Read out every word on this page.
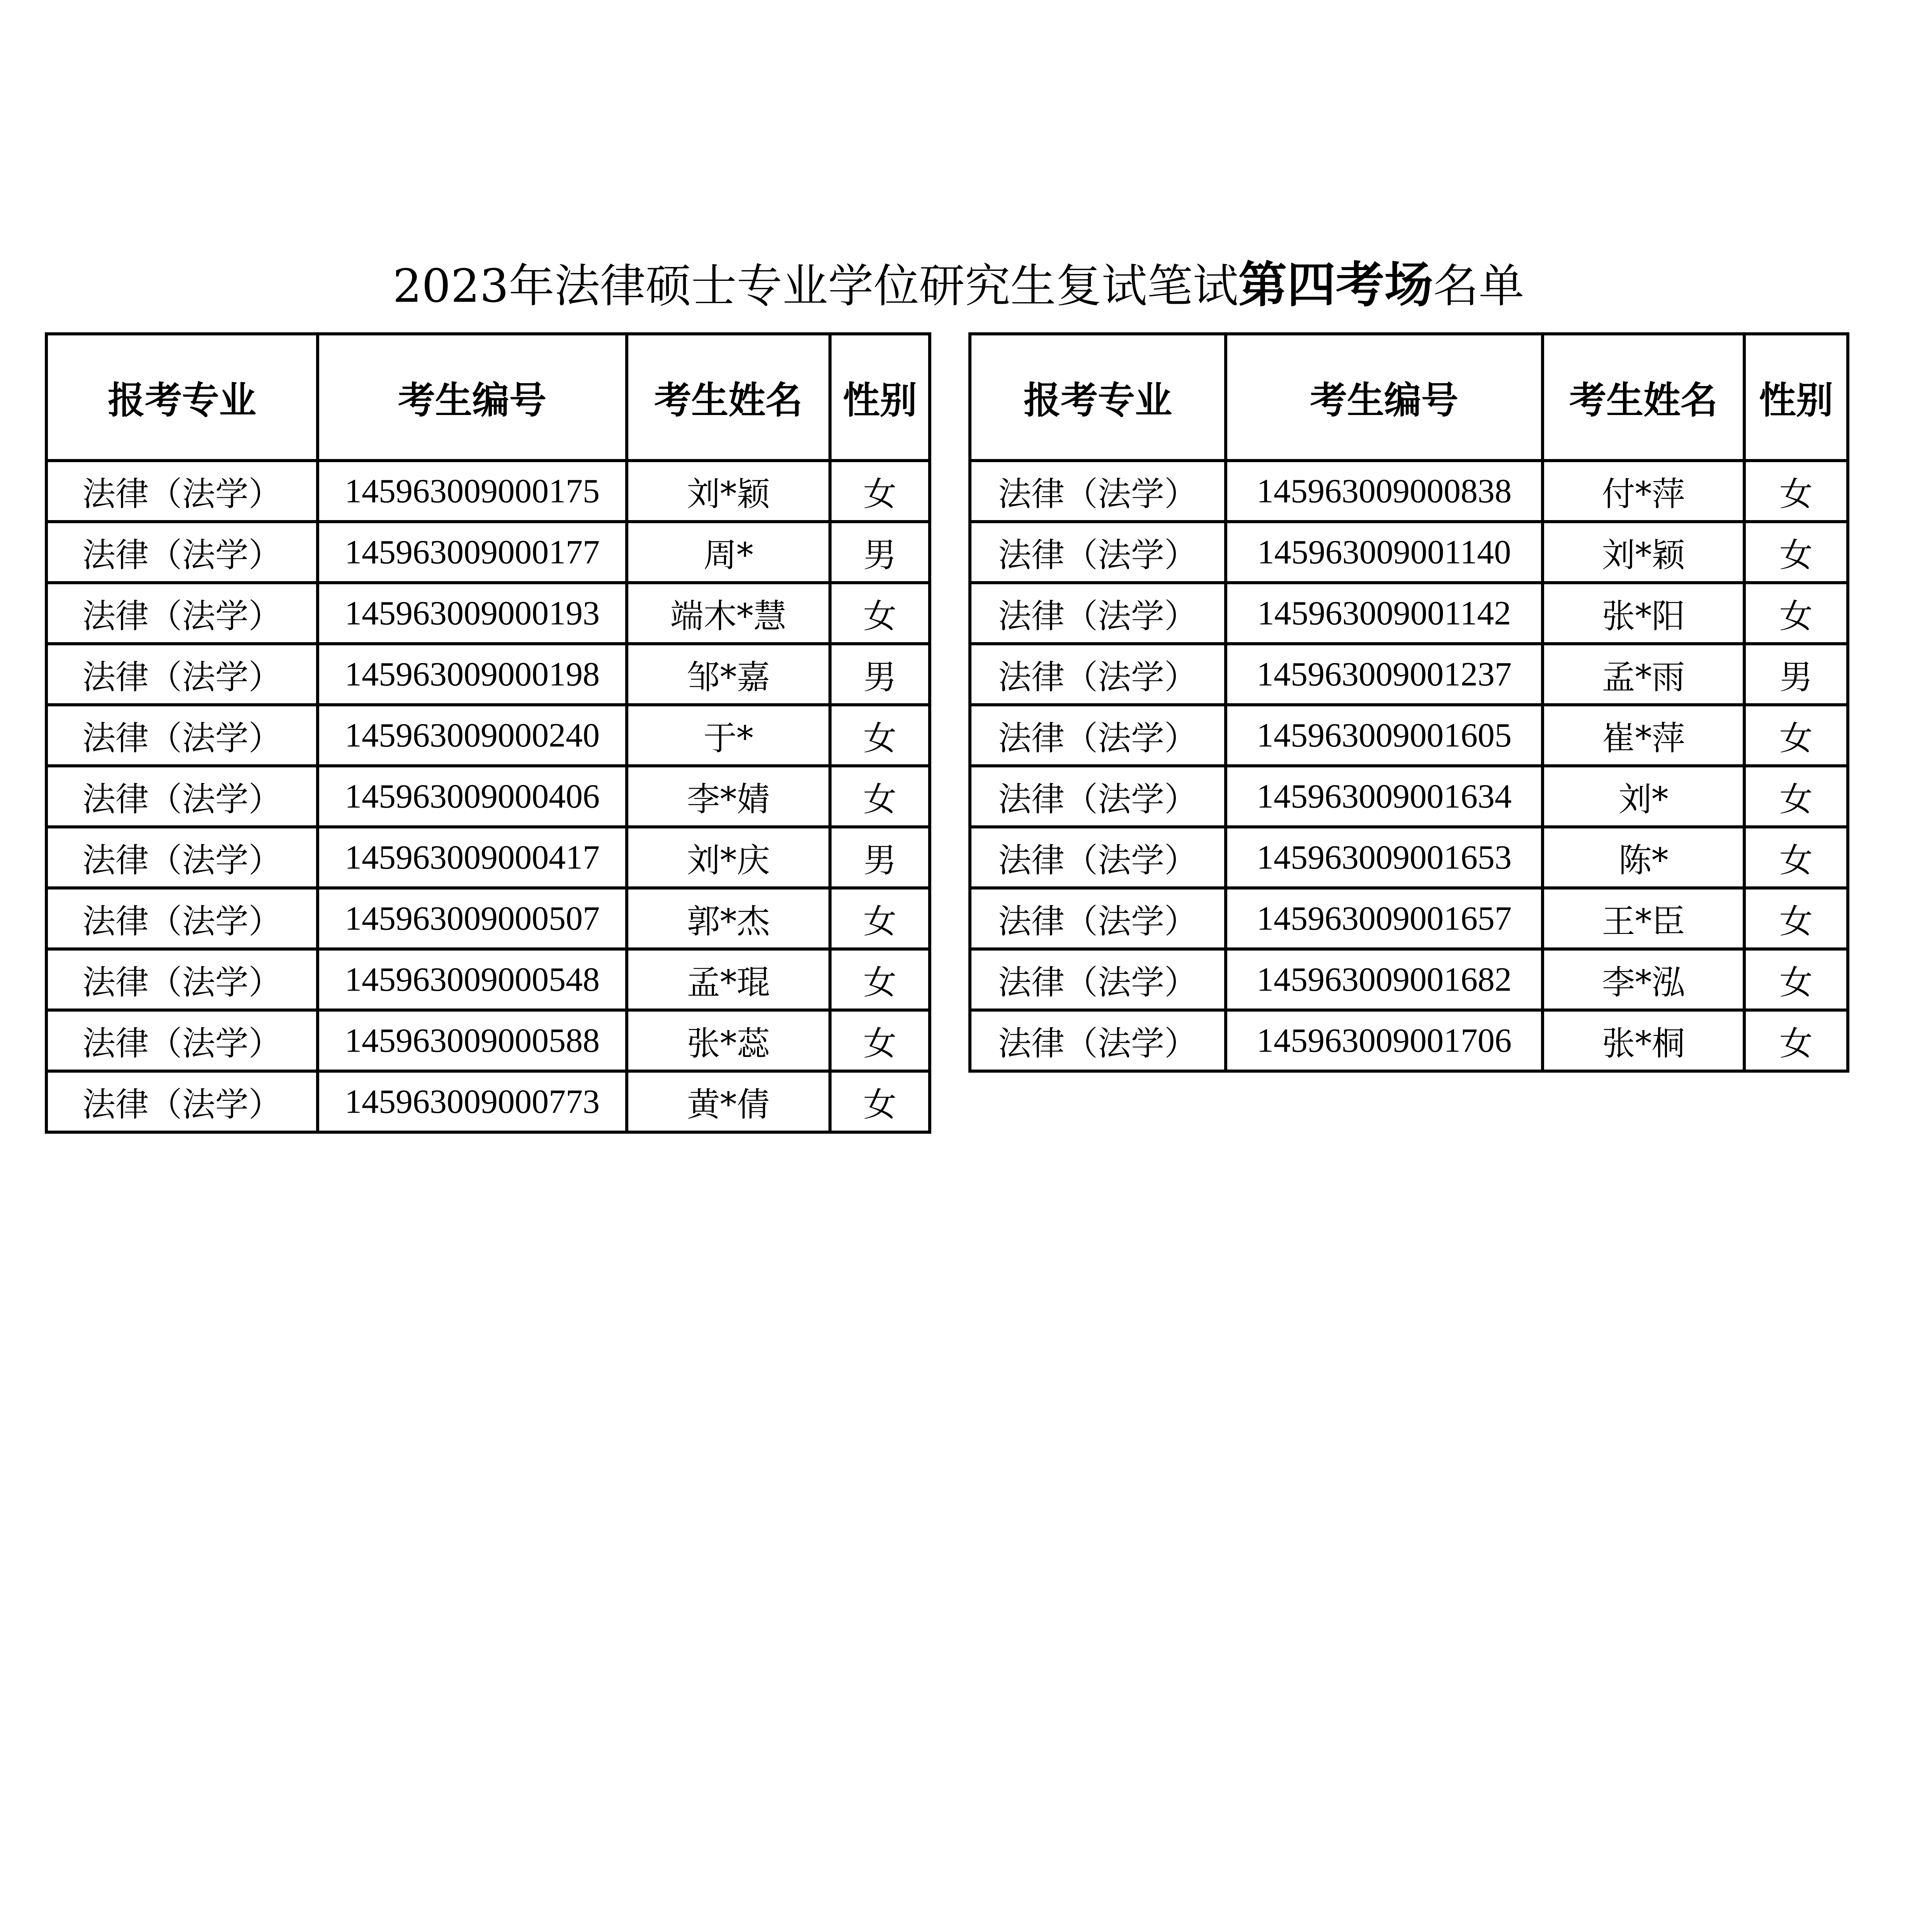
2023年法律硕士专业学位研究生复试笔试第四考场名单
报考专业	考生编号	考生姓名	性别
法律（法学）	145963009000175	刘*颖	女
法律（法学）	145963009000177	周*	男
法律（法学）	145963009000193	端木*慧	女
法律（法学）	145963009000198	邹*嘉	男
法律（法学）	145963009000240	于*	女
法律（法学）	145963009000406	李*婧	女
法律（法学）	145963009000417	刘*庆	男
法律（法学）	145963009000507	郭*杰	女
法律（法学）	145963009000548	孟*琨	女
法律（法学）	145963009000588	张*蕊	女
法律（法学）	145963009000773	黄*倩	女
报考专业	考生编号	考生姓名	性别
法律（法学）	145963009000838	付*萍	女
法律（法学）	145963009001140	刘*颖	女
法律（法学）	145963009001142	张*阳	女
法律（法学）	145963009001237	孟*雨	男
法律（法学）	145963009001605	崔*萍	女
法律（法学）	145963009001634	刘*	女
法律（法学）	145963009001653	陈*	女
法律（法学）	145963009001657	王*臣	女
法律（法学）	145963009001682	李*泓	女
法律（法学）	145963009001706	张*桐	女
